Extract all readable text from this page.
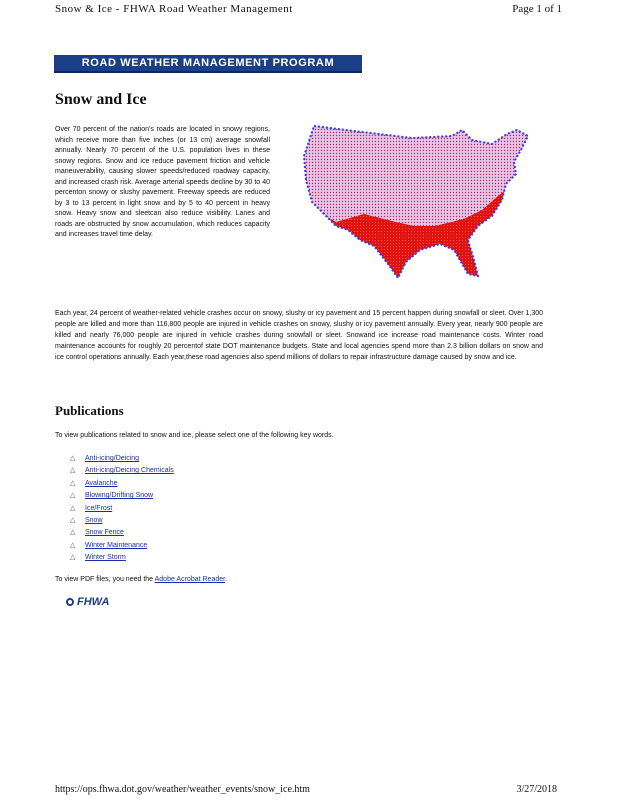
Snow & Ice - FHWA Road Weather Management	Page 1 of 1
ROAD WEATHER MANAGEMENT PROGRAM
Snow and Ice
Over 70 percent of the nation's roads are located in snowy regions, which receive more than five inches (or 13 cm) average snowfall annually. Nearly 70 percent of the U.S. population lives in these snowy regions. Snow and ice reduce pavement friction and vehicle maneuverability, causing slower speeds/reduced roadway capacity, and increased crash risk. Average arterial speeds decline by 30 to 40 percenton snowy or slushy pavement. Freeway speeds are reduced by 3 to 13 percent in light snow and by 5 to 40 percent in heavy snow. Heavy snow and sleetcan also reduce visibility. Lanes and roads are obstructed by snow accumulation, which reduces capacity and increases travel time delay.
Each year, 24 percent of weather-related vehicle crashes occur on snowy, slushy or icy pavement and 15 percent happen during snowfall or sleet. Over 1,300 people are killed and more than 116,800 people are injured in vehicle crashes on snowy, slushy or icy pavement annually. Every year, nearly 900 people are killed and nearly 76,000 people are injured in vehicle crashes during snowfall or sleet. Snowand ice increase road maintenance costs. Winter road maintenance accounts for roughly 20 percentof state DOT maintenance budgets. State and local agencies spend more than 2.3 billion dollars on snow and ice control operations annually. Each year,these road agencies also spend millions of dollars to repair infrastructure damage caused by snow and ice.
Publications
To view publications related to snow and ice, please select one of the following key words.
△	Anti-icing/Deicing
△	Anti-icing/Deicing Chemicals
△	Avalanche
△	Blowing/Drifting Snow
△	Ice/Frost
△	Snow
△	Snow Fence
△	Winter Maintenance
△	Winter Storm
To view PDF files, you need the Adobe Acrobat Reader.
FHWA
https://ops.fhwa.dot.gov/weather/weather_events/snow_ice.htm	3/27/2018
